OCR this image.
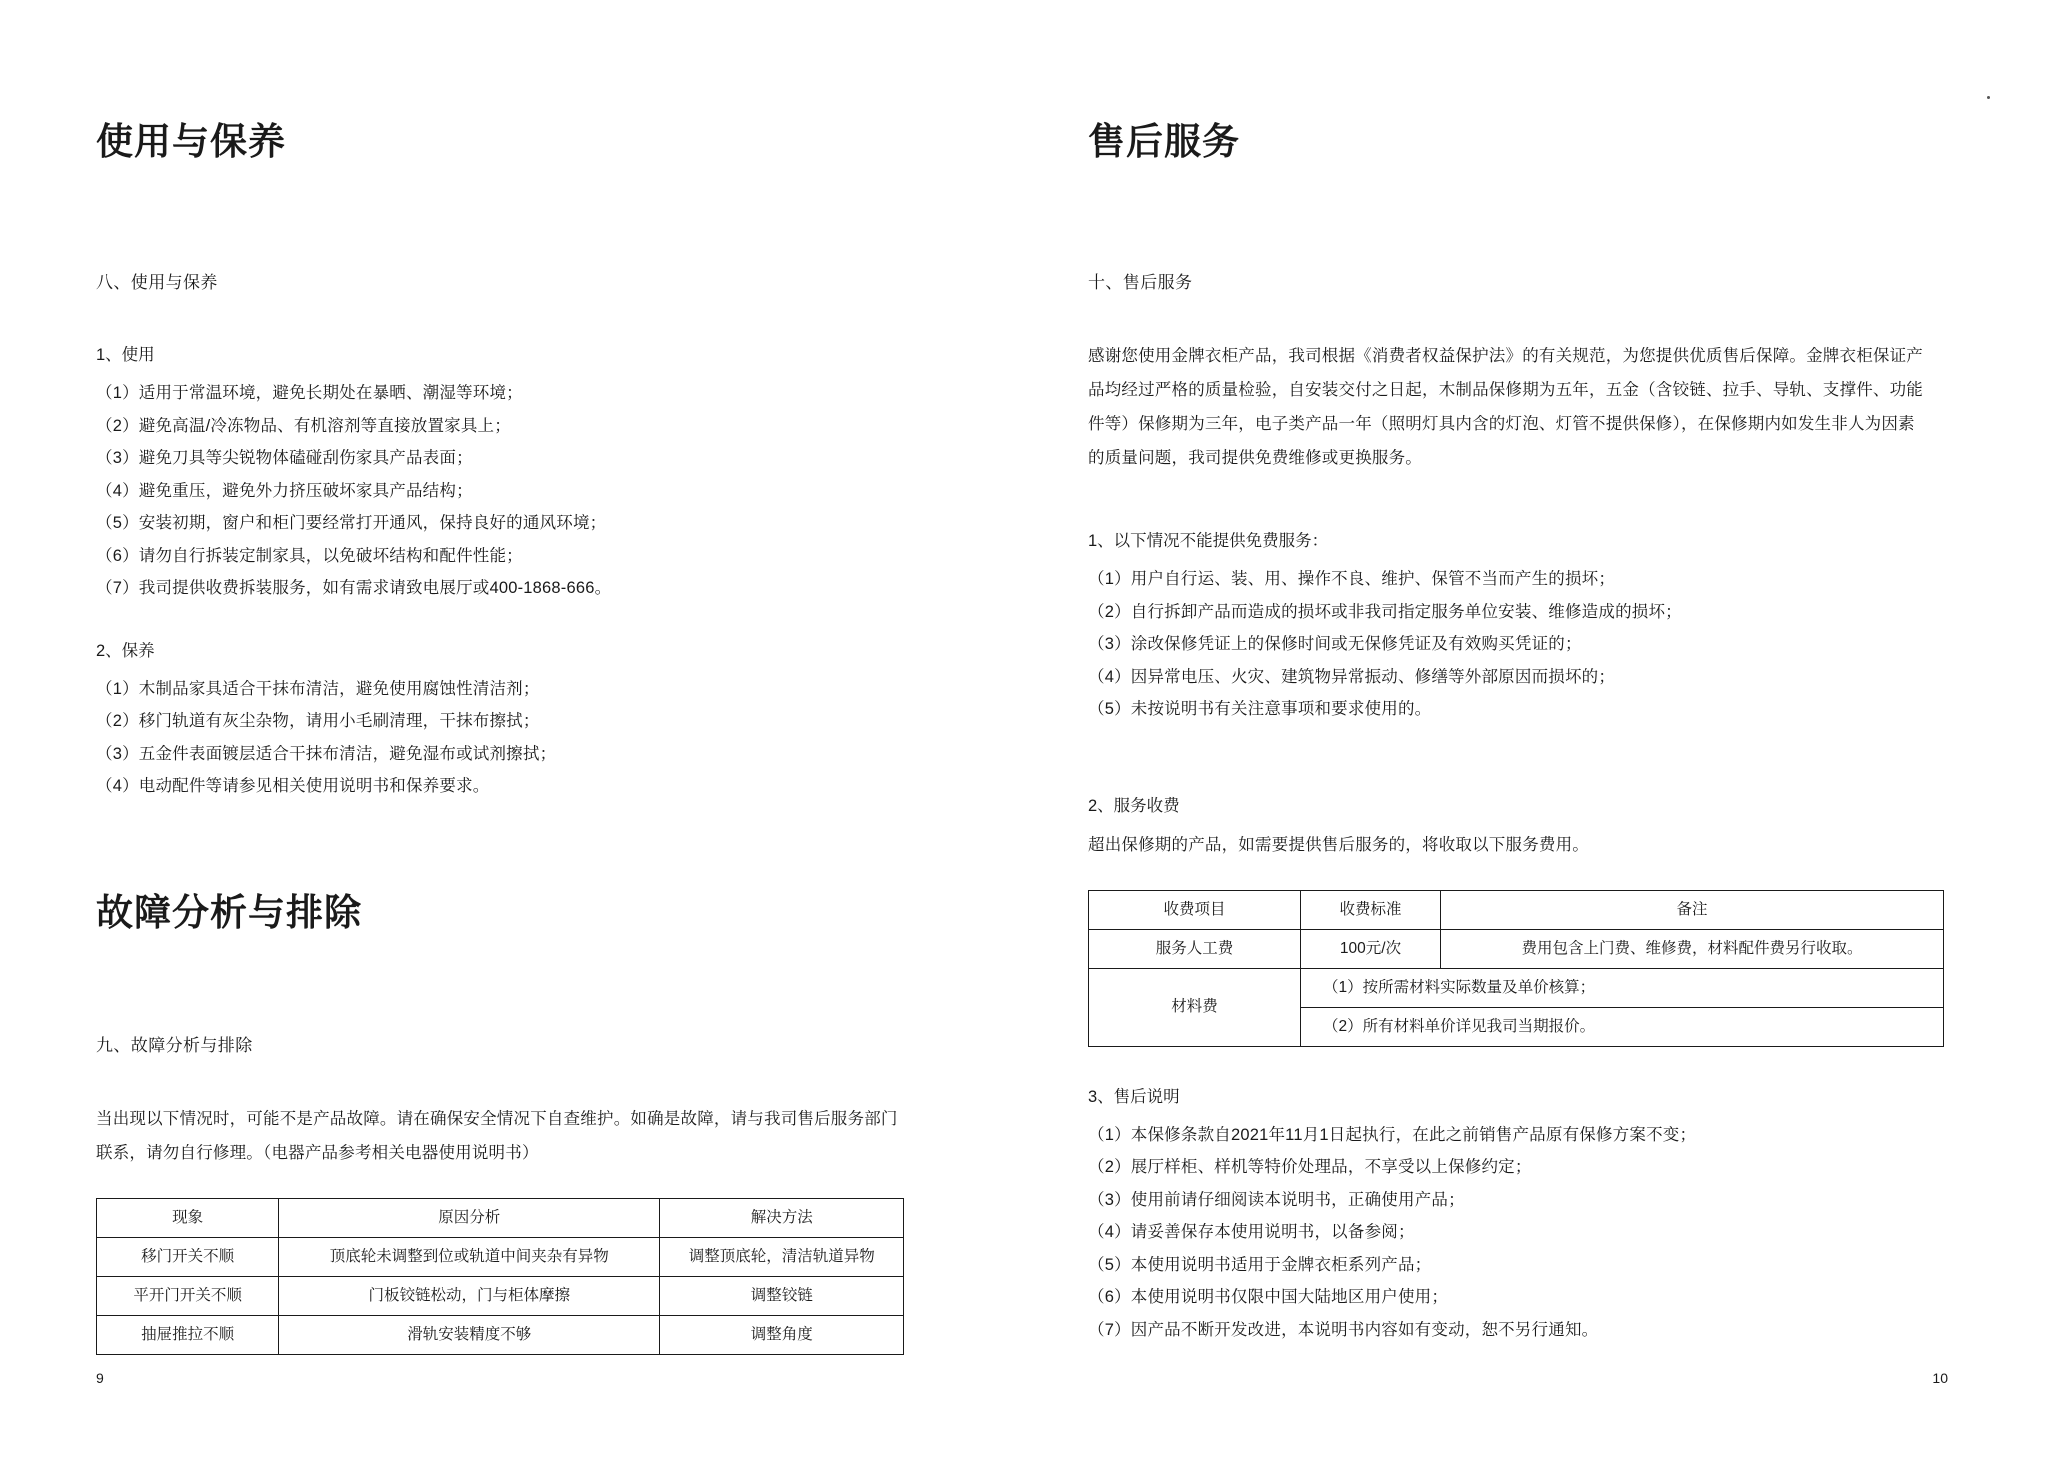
使用与保养
八、使用与保养
1、使用
（1）适用于常温环境，避免长期处在暴晒、潮湿等环境；
（2）避免高温/冷冻物品、有机溶剂等直接放置家具上；
（3）避免刀具等尖锐物体磕碰刮伤家具产品表面；
（4）避免重压，避免外力挤压破坏家具产品结构；
（5）安装初期，窗户和柜门要经常打开通风，保持良好的通风环境；
（6）请勿自行拆装定制家具，以免破坏结构和配件性能；
（7）我司提供收费拆装服务，如有需求请致电展厅或400-1868-666。
2、保养
（1）木制品家具适合干抹布清洁，避免使用腐蚀性清洁剂；
（2）移门轨道有灰尘杂物，请用小毛刷清理，干抹布擦拭；
（3）五金件表面镀层适合干抹布清洁，避免湿布或试剂擦拭；
（4）电动配件等请参见相关使用说明书和保养要求。
故障分析与排除
九、故障分析与排除

当出现以下情况时，可能不是产品故障。请在确保安全情况下自查维护。如确是故障，请与我司售后服务部门联系，请勿自行修理。（电器产品参考相关电器使用说明书）

现象	原因分析	解决方法
移门开关不顺	顶底轮未调整到位或轨道中间夹杂有异物	调整顶底轮，清洁轨道异物
平开门开关不顺	门板铰链松动，门与柜体摩擦	调整铰链
抽屉推拉不顺	滑轨安装精度不够	调整角度
9
售后服务
十、售后服务

感谢您使用金牌衣柜产品，我司根据《消费者权益保护法》的有关规范，为您提供优质售后保障。金牌衣柜保证产品均经过严格的质量检验，自安装交付之日起，木制品保修期为五年，五金（含铰链、拉手、导轨、支撑件、功能件等）保修期为三年，电子类产品一年（照明灯具内含的灯泡、灯管不提供保修），在保修期内如发生非人为因素的质量问题，我司提供免费维修或更换服务。

1、以下情况不能提供免费服务：
（1）用户自行运、装、用、操作不良、维护、保管不当而产生的损坏；
（2）自行拆卸产品而造成的损坏或非我司指定服务单位安装、维修造成的损坏；
（3）涂改保修凭证上的保修时间或无保修凭证及有效购买凭证的；
（4）因异常电压、火灾、建筑物异常振动、修缮等外部原因而损坏的；
（5）未按说明书有关注意事项和要求使用的。
2、服务收费

超出保修期的产品，如需要提供售后服务的，将收取以下服务费用。

收费项目	收费标准	备注
服务人工费	100元/次	费用包含上门费、维修费，材料配件费另行收取。
材料费	（1）按所需材料实际数量及单价核算；	
	（2）所有材料单价详见我司当期报价。	
3、售后说明
（1）本保修条款自2021年11月1日起执行，在此之前销售产品原有保修方案不变；
（2）展厅样柜、样机等特价处理品，不享受以上保修约定；
（3）使用前请仔细阅读本说明书，正确使用产品；
（4）请妥善保存本使用说明书，以备参阅；
（5）本使用说明书适用于金牌衣柜系列产品；
（6）本使用说明书仅限中国大陆地区用户使用；
（7）因产品不断开发改进，本说明书内容如有变动，恕不另行通知。
10
